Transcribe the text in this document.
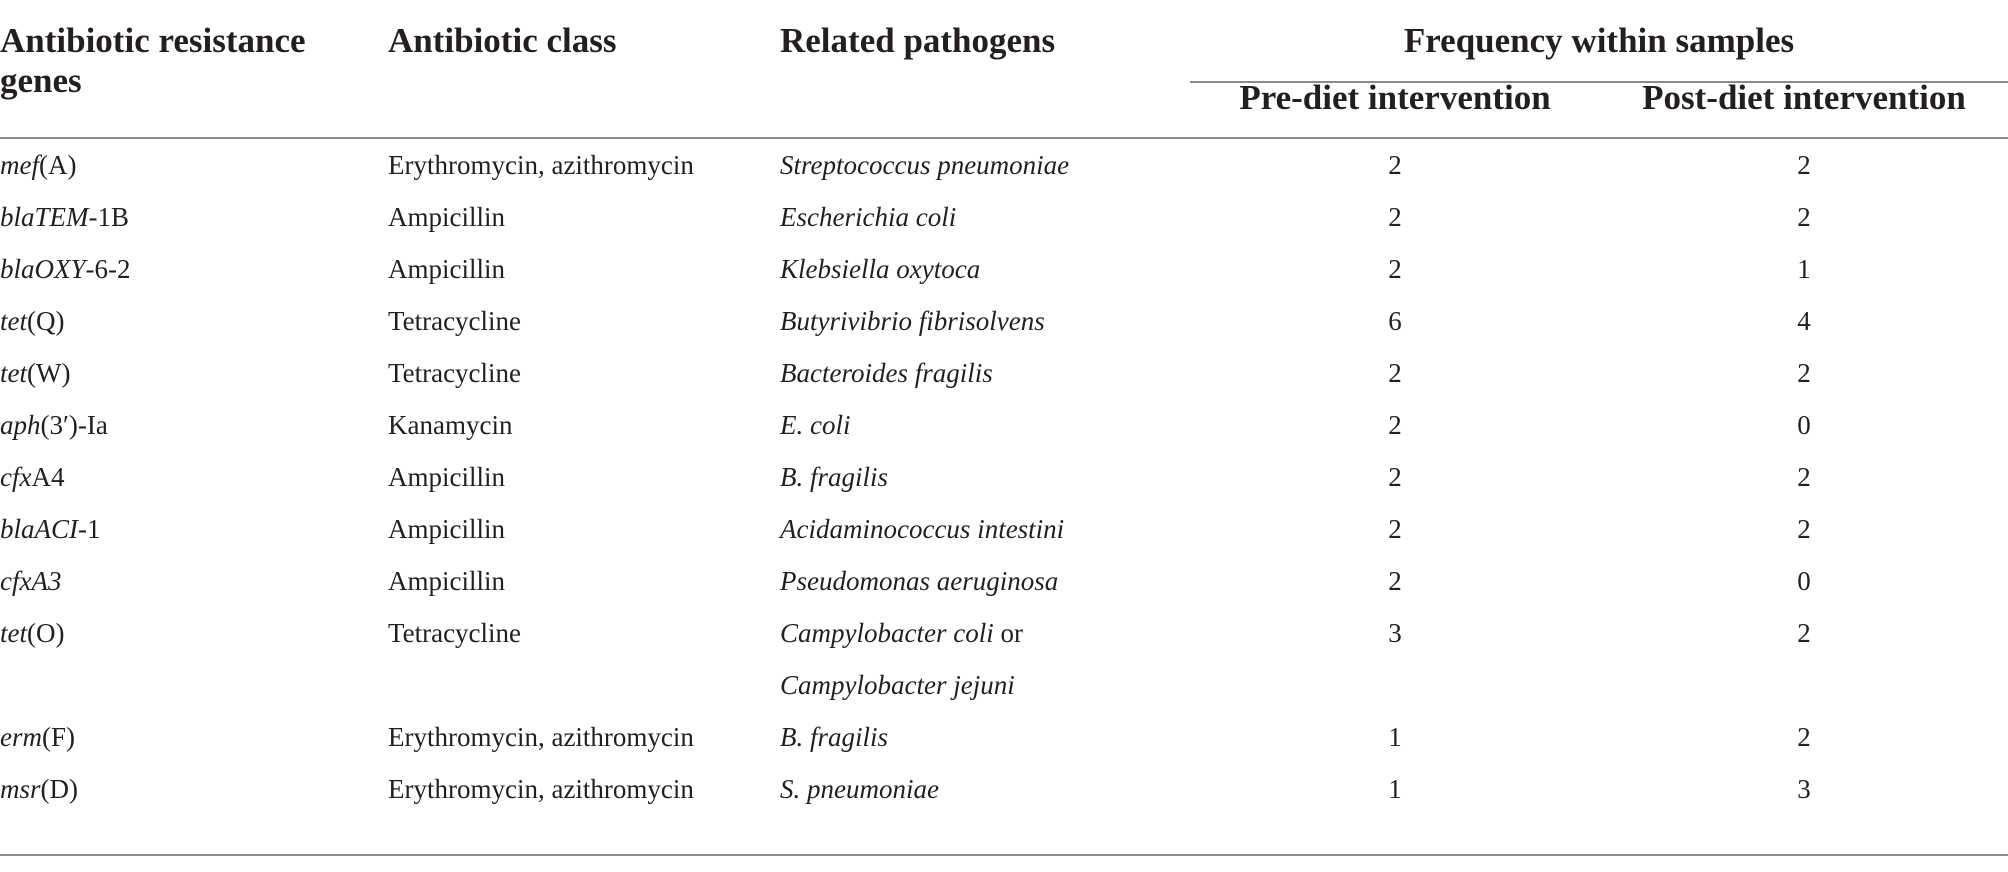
Antibiotic resistance genes	Antibiotic class	Related pathogens	Frequency within samples	
			Pre-diet intervention	Post-diet intervention
mef(A)	Erythromycin, azithromycin	Streptococcus pneumoniae	2	2
blaTEM-1B	Ampicillin	Escherichia coli	2	2
blaOXY-6-2	Ampicillin	Klebsiella oxytoca	2	1
tet(Q)	Tetracycline	Butyrivibrio fibrisolvens	6	4
tet(W)	Tetracycline	Bacteroides fragilis	2	2
aph(3′)-Ia	Kanamycin	E. coli	2	0
cfxA4	Ampicillin	B. fragilis	2	2
blaACI-1	Ampicillin	Acidaminococcus intestini	2	2
cfxA3	Ampicillin	Pseudomonas aeruginosa	2	0
tet(O)	Tetracycline	Campylobacter coli or	3	2
		Campylobacter jejuni		
erm(F)	Erythromycin, azithromycin	B. fragilis	1	2
msr(D)	Erythromycin, azithromycin	S. pneumoniae	1	3
